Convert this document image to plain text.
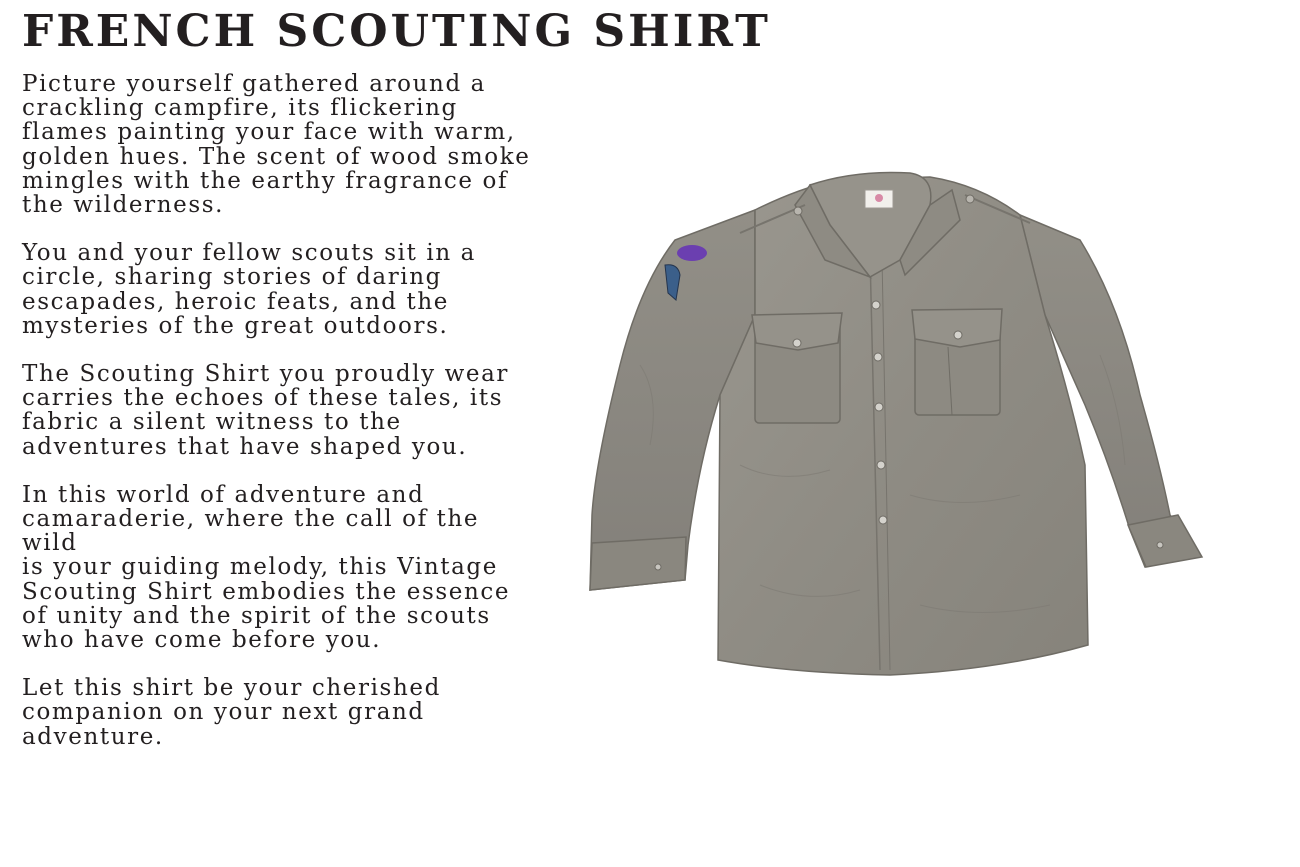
FRENCH SCOUTING SHIRT

Picture yourself gathered around a
crackling campfire, its flickering
flames painting your face with warm,
golden hues. The scent of wood smoke
mingles with the earthy fragrance of
the wilderness.

You and your fellow scouts sit in a
circle, sharing stories of daring
escapades, heroic feats, and the
mysteries of the great outdoors.

The Scouting Shirt you proudly wear
carries the echoes of these tales, its
fabric a silent witness to the
adventures that have shaped you.

In this world of adventure and
camaraderie, where the call of the wild
is your guiding melody, this Vintage
Scouting Shirt embodies the essence
of unity and the spirit of the scouts
who have come before you.

Let this shirt be your cherished
companion on your next grand
adventure.
